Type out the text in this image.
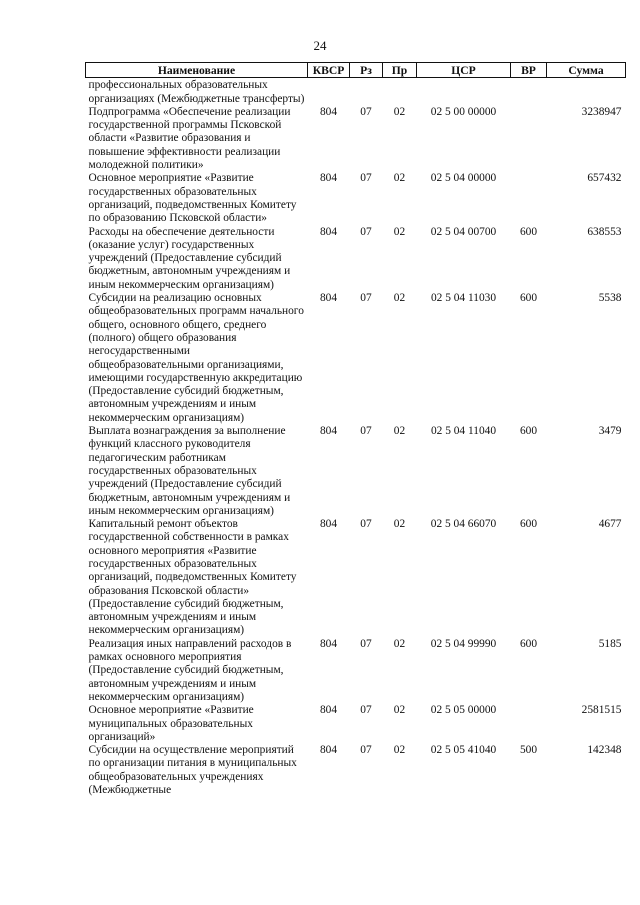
24
Наименование	КВСР	Рз	Пр	ЦСР	ВР	Сумма
профессиональных образовательных организациях (Межбюджетные трансферты)						
Подпрограмма «Обеспечение реализации государственной программы Псковской области «Развитие образования и повышение эффективности реализации молодежной политики»	804	07	02	02 5 00 00000		3238947
Основное мероприятие «Развитие государственных образовательных организаций, подведомственных Комитету по образованию Псковской области»	804	07	02	02 5 04 00000		657432
Расходы на обеспечение деятельности (оказание услуг) государственных учреждений (Предоставление субсидий бюджетным, автономным учреждениям и иным некоммерческим организациям)	804	07	02	02 5 04 00700	600	638553
Субсидии на реализацию основных общеобразовательных программ начального общего, основного общего, среднего (полного) общего образования негосударственными общеобразовательными организациями, имеющими государственную аккредитацию (Предоставление субсидий бюджетным, автономным учреждениям и иным некоммерческим организациям)	804	07	02	02 5 04 11030	600	5538
Выплата вознаграждения за выполнение функций классного руководителя педагогическим работникам государственных образовательных учреждений (Предоставление субсидий бюджетным, автономным учреждениям и иным некоммерческим организациям)	804	07	02	02 5 04 11040	600	3479
Капитальный ремонт объектов государственной собственности в рамках основного мероприятия «Развитие государственных образовательных организаций, подведомственных Комитету образования Псковской области» (Предоставление субсидий бюджетным, автономным учреждениям и иным некоммерческим организациям)	804	07	02	02 5 04 66070	600	4677
Реализация иных направлений расходов в рамках основного мероприятия (Предоставление субсидий бюджетным, автономным учреждениям и иным некоммерческим организациям)	804	07	02	02 5 04 99990	600	5185
Основное мероприятие «Развитие муниципальных образовательных организаций»	804	07	02	02 5 05 00000		2581515
Субсидии на осуществление мероприятий по организации питания в муниципальных общеобразовательных учреждениях (Межбюджетные	804	07	02	02 5 05 41040	500	142348
